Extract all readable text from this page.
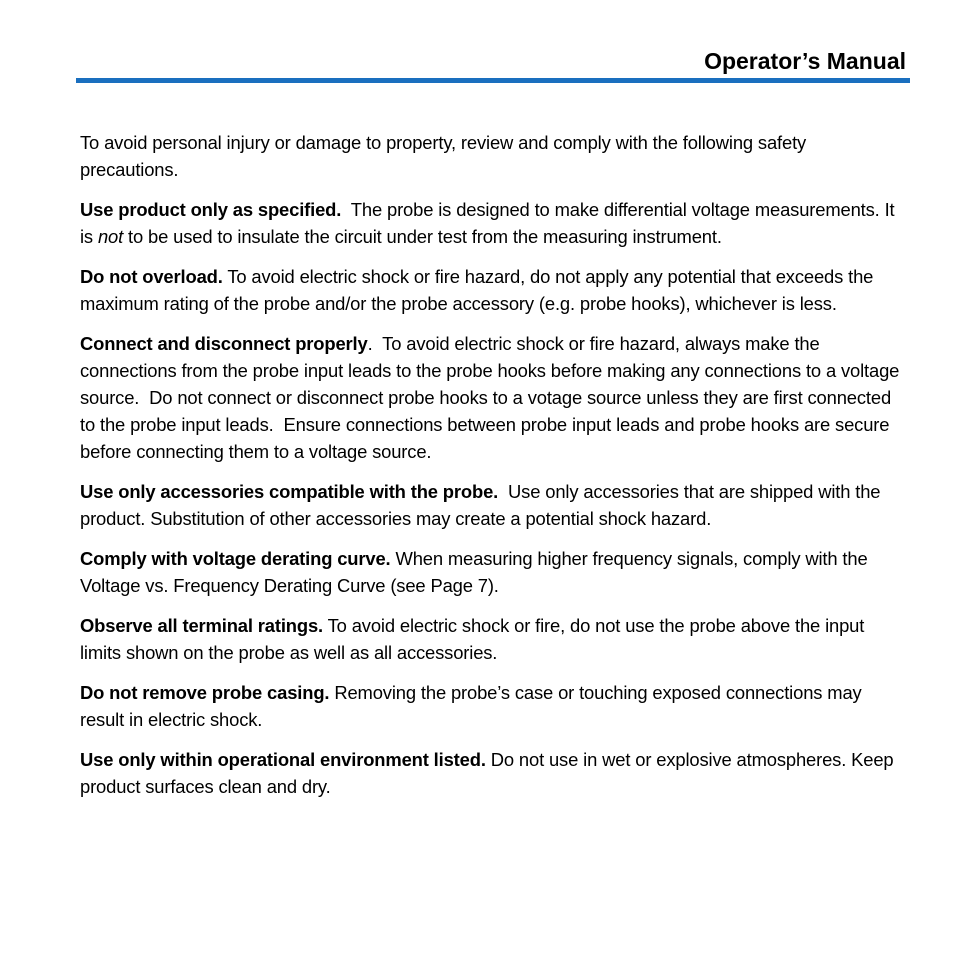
Operator’s Manual

To avoid personal injury or damage to property, review and comply with the following safety precautions.

Use product only as specified.  The probe is designed to make differential voltage measurements. It is not to be used to insulate the circuit under test from the measuring instrument.

Do not overload. To avoid electric shock or fire hazard, do not apply any potential that exceeds the maximum rating of the probe and/or the probe accessory (e.g. probe hooks), whichever is less.

Connect and disconnect properly.  To avoid electric shock or fire hazard, always make the connections from the probe input leads to the probe hooks before making any connections to a voltage source.  Do not connect or disconnect probe hooks to a votage source unless they are first connected to the probe input leads.  Ensure connections between probe input leads and probe hooks are secure before connecting them to a voltage source.

Use only accessories compatible with the probe.  Use only accessories that are shipped with the product. Substitution of other accessories may create a potential shock hazard.

Comply with voltage derating curve. When measuring higher frequency signals, comply with the Voltage vs. Frequency Derating Curve (see Page 7).

Observe all terminal ratings. To avoid electric shock or fire, do not use the probe above the input limits shown on the probe as well as all accessories.

Do not remove probe casing. Removing the probe’s case or touching exposed connections may result in electric shock.

Use only within operational environment listed. Do not use in wet or explosive atmospheres. Keep product surfaces clean and dry.
